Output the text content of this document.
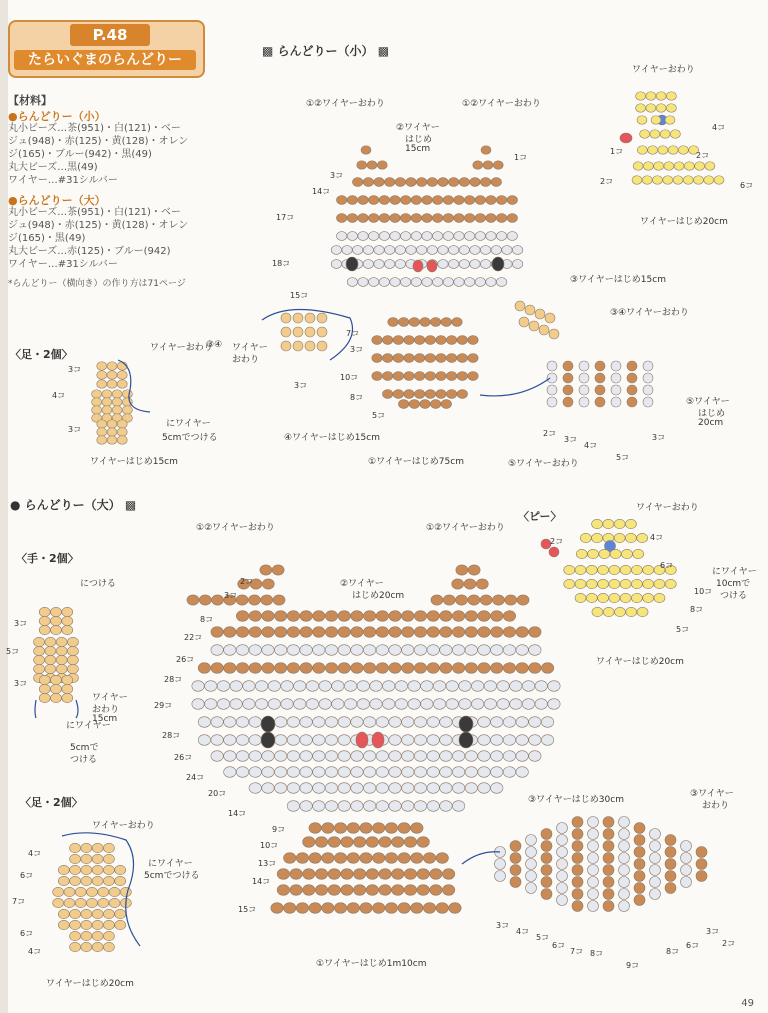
P.48
たらいぐまのらんどりー
【材料】
●らんどりー（小）
丸小ビーズ…茶(951)・白(121)・ベー
ジュ(948)・赤(125)・黄(128)・オレン
ジ(165)・ブルー(942)・黒(49)
丸大ビーズ…黒(49)
ワイヤー…#31シルバー
●らんどりー（大）
丸小ビーズ…茶(951)・白(121)・ベー
ジュ(948)・赤(125)・黄(128)・オレン
ジ(165)・黒(49)
丸大ビーズ…赤(125)・ブルー(942)
ワイヤー…#31シルバー
*らんどりー（横向き）の作り方は71ページ
▩ らんどりー（小） ▩
①②ワイヤーおわり	①②ワイヤーおわり
②ワイヤー
はじめ
15cm
③ワイヤーはじめ15cm
③④ワイヤーおわり
③④ ワイヤー
おわり
④ワイヤーはじめ15cm
①ワイヤーはじめ75cm	⑤ワイヤーおわり
⑤ワイヤー
はじめ
20cm
1コ
3コ
14コ
17コ
18コ
15コ
7コ
3コ
10コ
3コ
8コ
5コ
2コ
3コ
4コ
3コ
5コ
〈足・2個〉	ワイヤーおわり
にワイヤー
5cmでつける
ワイヤーはじめ15cm
3コ
4コ
3コ
ワイヤーおわり
ワイヤーはじめ20cm
4コ
1コ	2コ
2コ	6コ
● らんどりー（大） ▩
①②ワイヤーおわり	①②ワイヤーおわり
②ワイヤー
はじめ20cm
③ワイヤーはじめ30cm
③ワイヤー
おわり
①ワイヤーはじめ1m10cm
2コ
3コ
8コ
22コ
26コ
28コ
29コ
28コ
26コ
24コ
20コ
14コ
9コ
10コ
13コ
14コ
15コ
3コ
4コ
5コ
6コ
7コ 8コ
9コ
8コ
6コ
3コ
2コ
〈手・2個〉
につける
ワイヤー
おわり
15cm
にワイヤー
5cmで
つける
3コ
5コ
3コ
〈足・2個〉
ワイヤーおわり
にワイヤー
5cmでつける
ワイヤーはじめ20cm
4コ
6コ
7コ
6コ
4コ
〈ピー〉
ワイヤーおわり
にワイヤー
10cmで
つける
ワイヤーはじめ20cm
4コ
2コ
6コ
10コ
8コ
5コ
49
